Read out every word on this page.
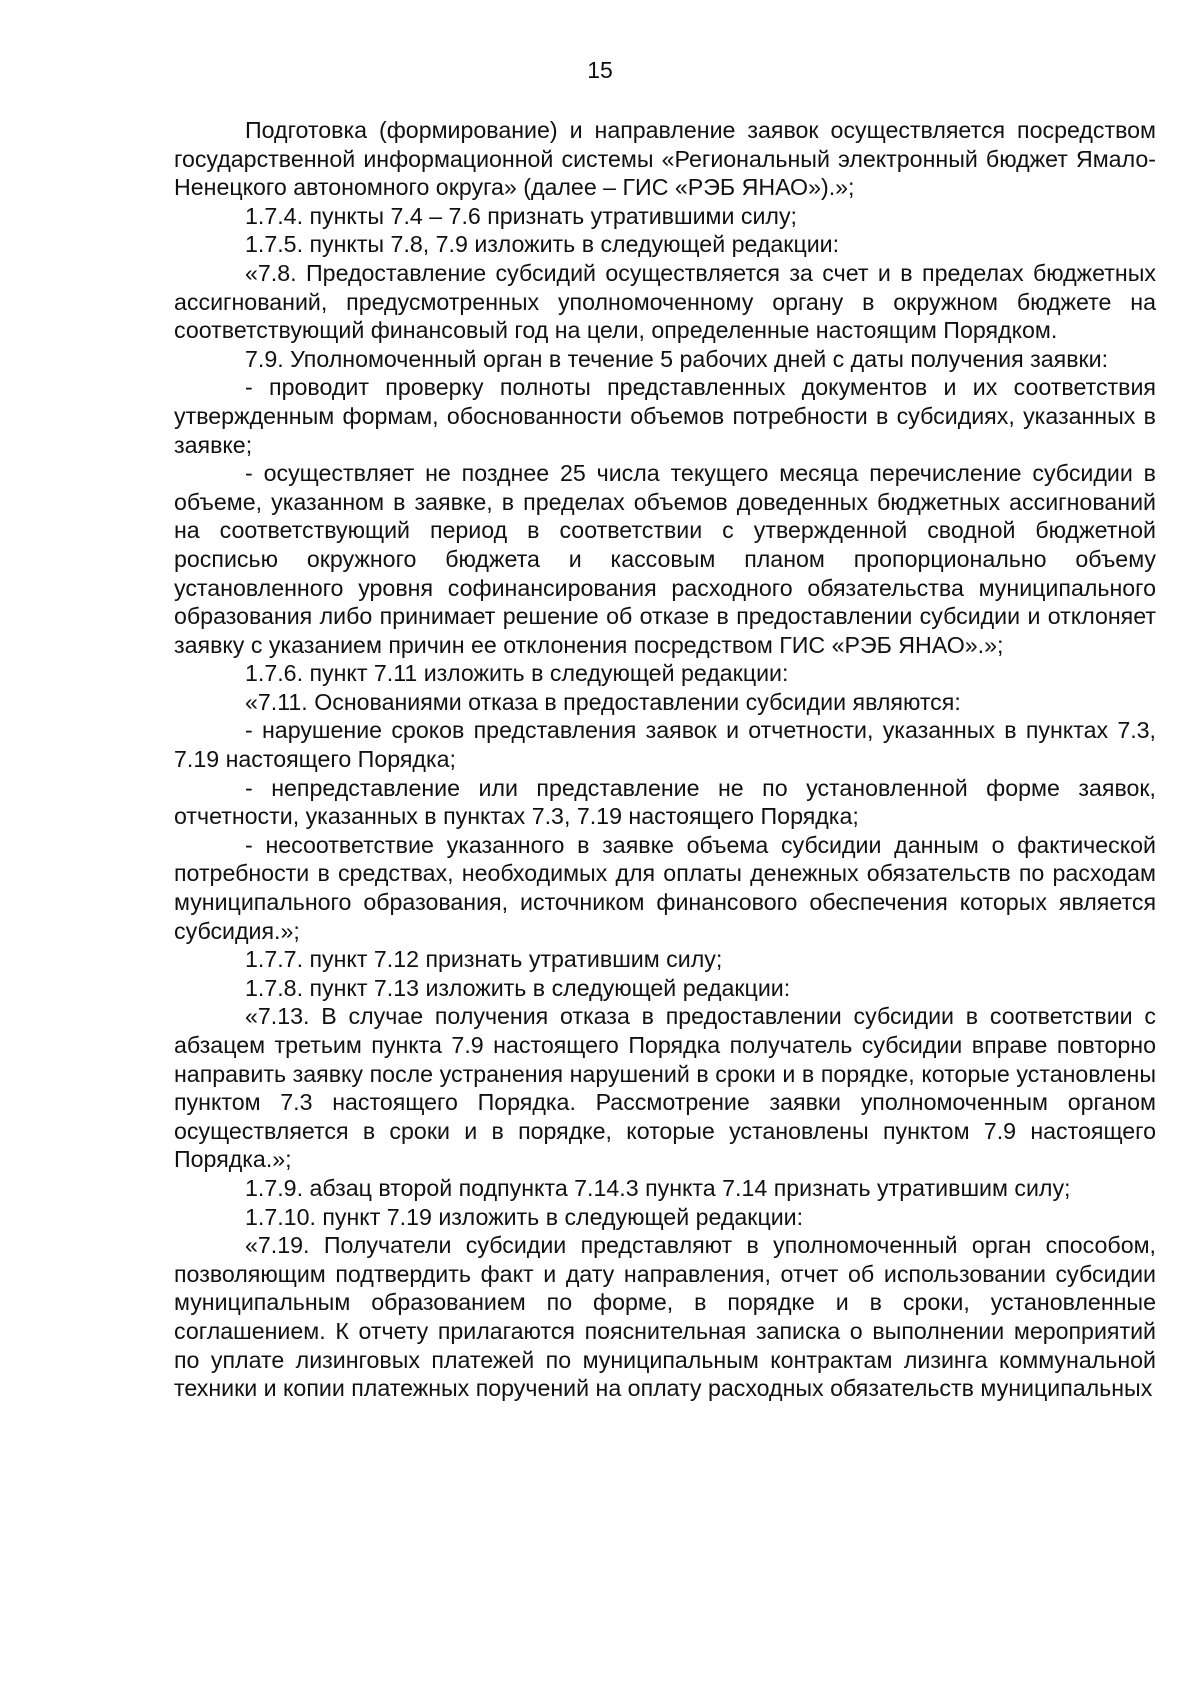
15

Подготовка (формирование) и направление заявок осуществляется посредством государственной информационной системы «Региональный электронный бюджет Ямало-Ненецкого автономного округа» (далее – ГИС «РЭБ ЯНАО»).»;

1.7.4. пункты 7.4 – 7.6 признать утратившими силу;

1.7.5. пункты 7.8, 7.9 изложить в следующей редакции:

«7.8. Предоставление субсидий осуществляется за счет и в пределах бюджетных ассигнований, предусмотренных уполномоченному органу в окружном бюджете на соответствующий финансовый год на цели, определенные настоящим Порядком.

7.9. Уполномоченный орган в течение 5 рабочих дней с даты получения заявки:

- проводит проверку полноты представленных документов и их соответствия утвержденным формам, обоснованности объемов потребности в субсидиях, указанных в заявке;

- осуществляет не позднее 25 числа текущего месяца перечисление субсидии в объеме, указанном в заявке, в пределах объемов доведенных бюджетных ассигнований на соответствующий период в соответствии с утвержденной сводной бюджетной росписью окружного бюджета и кассовым планом пропорционально объему установленного уровня софинансирования расходного обязательства муниципального образования либо принимает решение об отказе в предоставлении субсидии и отклоняет заявку с указанием причин ее отклонения посредством ГИС «РЭБ ЯНАО».»;

1.7.6. пункт 7.11 изложить в следующей редакции:

«7.11. Основаниями отказа в предоставлении субсидии являются:

- нарушение сроков представления заявок и отчетности, указанных в пунктах 7.3, 7.19 настоящего Порядка;

- непредставление или представление не по установленной форме заявок, отчетности, указанных в пунктах 7.3, 7.19 настоящего Порядка;

- несоответствие указанного в заявке объема субсидии данным о фактической потребности в средствах, необходимых для оплаты денежных обязательств по расходам муниципального образования, источником финансового обеспечения которых является субсидия.»;

1.7.7. пункт 7.12 признать утратившим силу;

1.7.8. пункт 7.13 изложить в следующей редакции:

«7.13. В случае получения отказа в предоставлении субсидии в соответствии с абзацем третьим пункта 7.9 настоящего Порядка получатель субсидии вправе повторно направить заявку после устранения нарушений в сроки и в порядке, которые установлены пунктом 7.3 настоящего Порядка. Рассмотрение заявки уполномоченным органом осуществляется в сроки и в порядке, которые установлены пунктом 7.9 настоящего Порядка.»;

1.7.9. абзац второй подпункта 7.14.3 пункта 7.14 признать утратившим силу;

1.7.10. пункт 7.19 изложить в следующей редакции:

«7.19. Получатели субсидии представляют в уполномоченный орган способом, позволяющим подтвердить факт и дату направления, отчет об использовании субсидии муниципальным образованием по форме, в порядке и в сроки, установленные соглашением. К отчету прилагаются пояснительная записка о выполнении мероприятий по уплате лизинговых платежей по муниципальным контрактам лизинга коммунальной техники и копии платежных поручений на оплату расходных обязательств муниципальных
